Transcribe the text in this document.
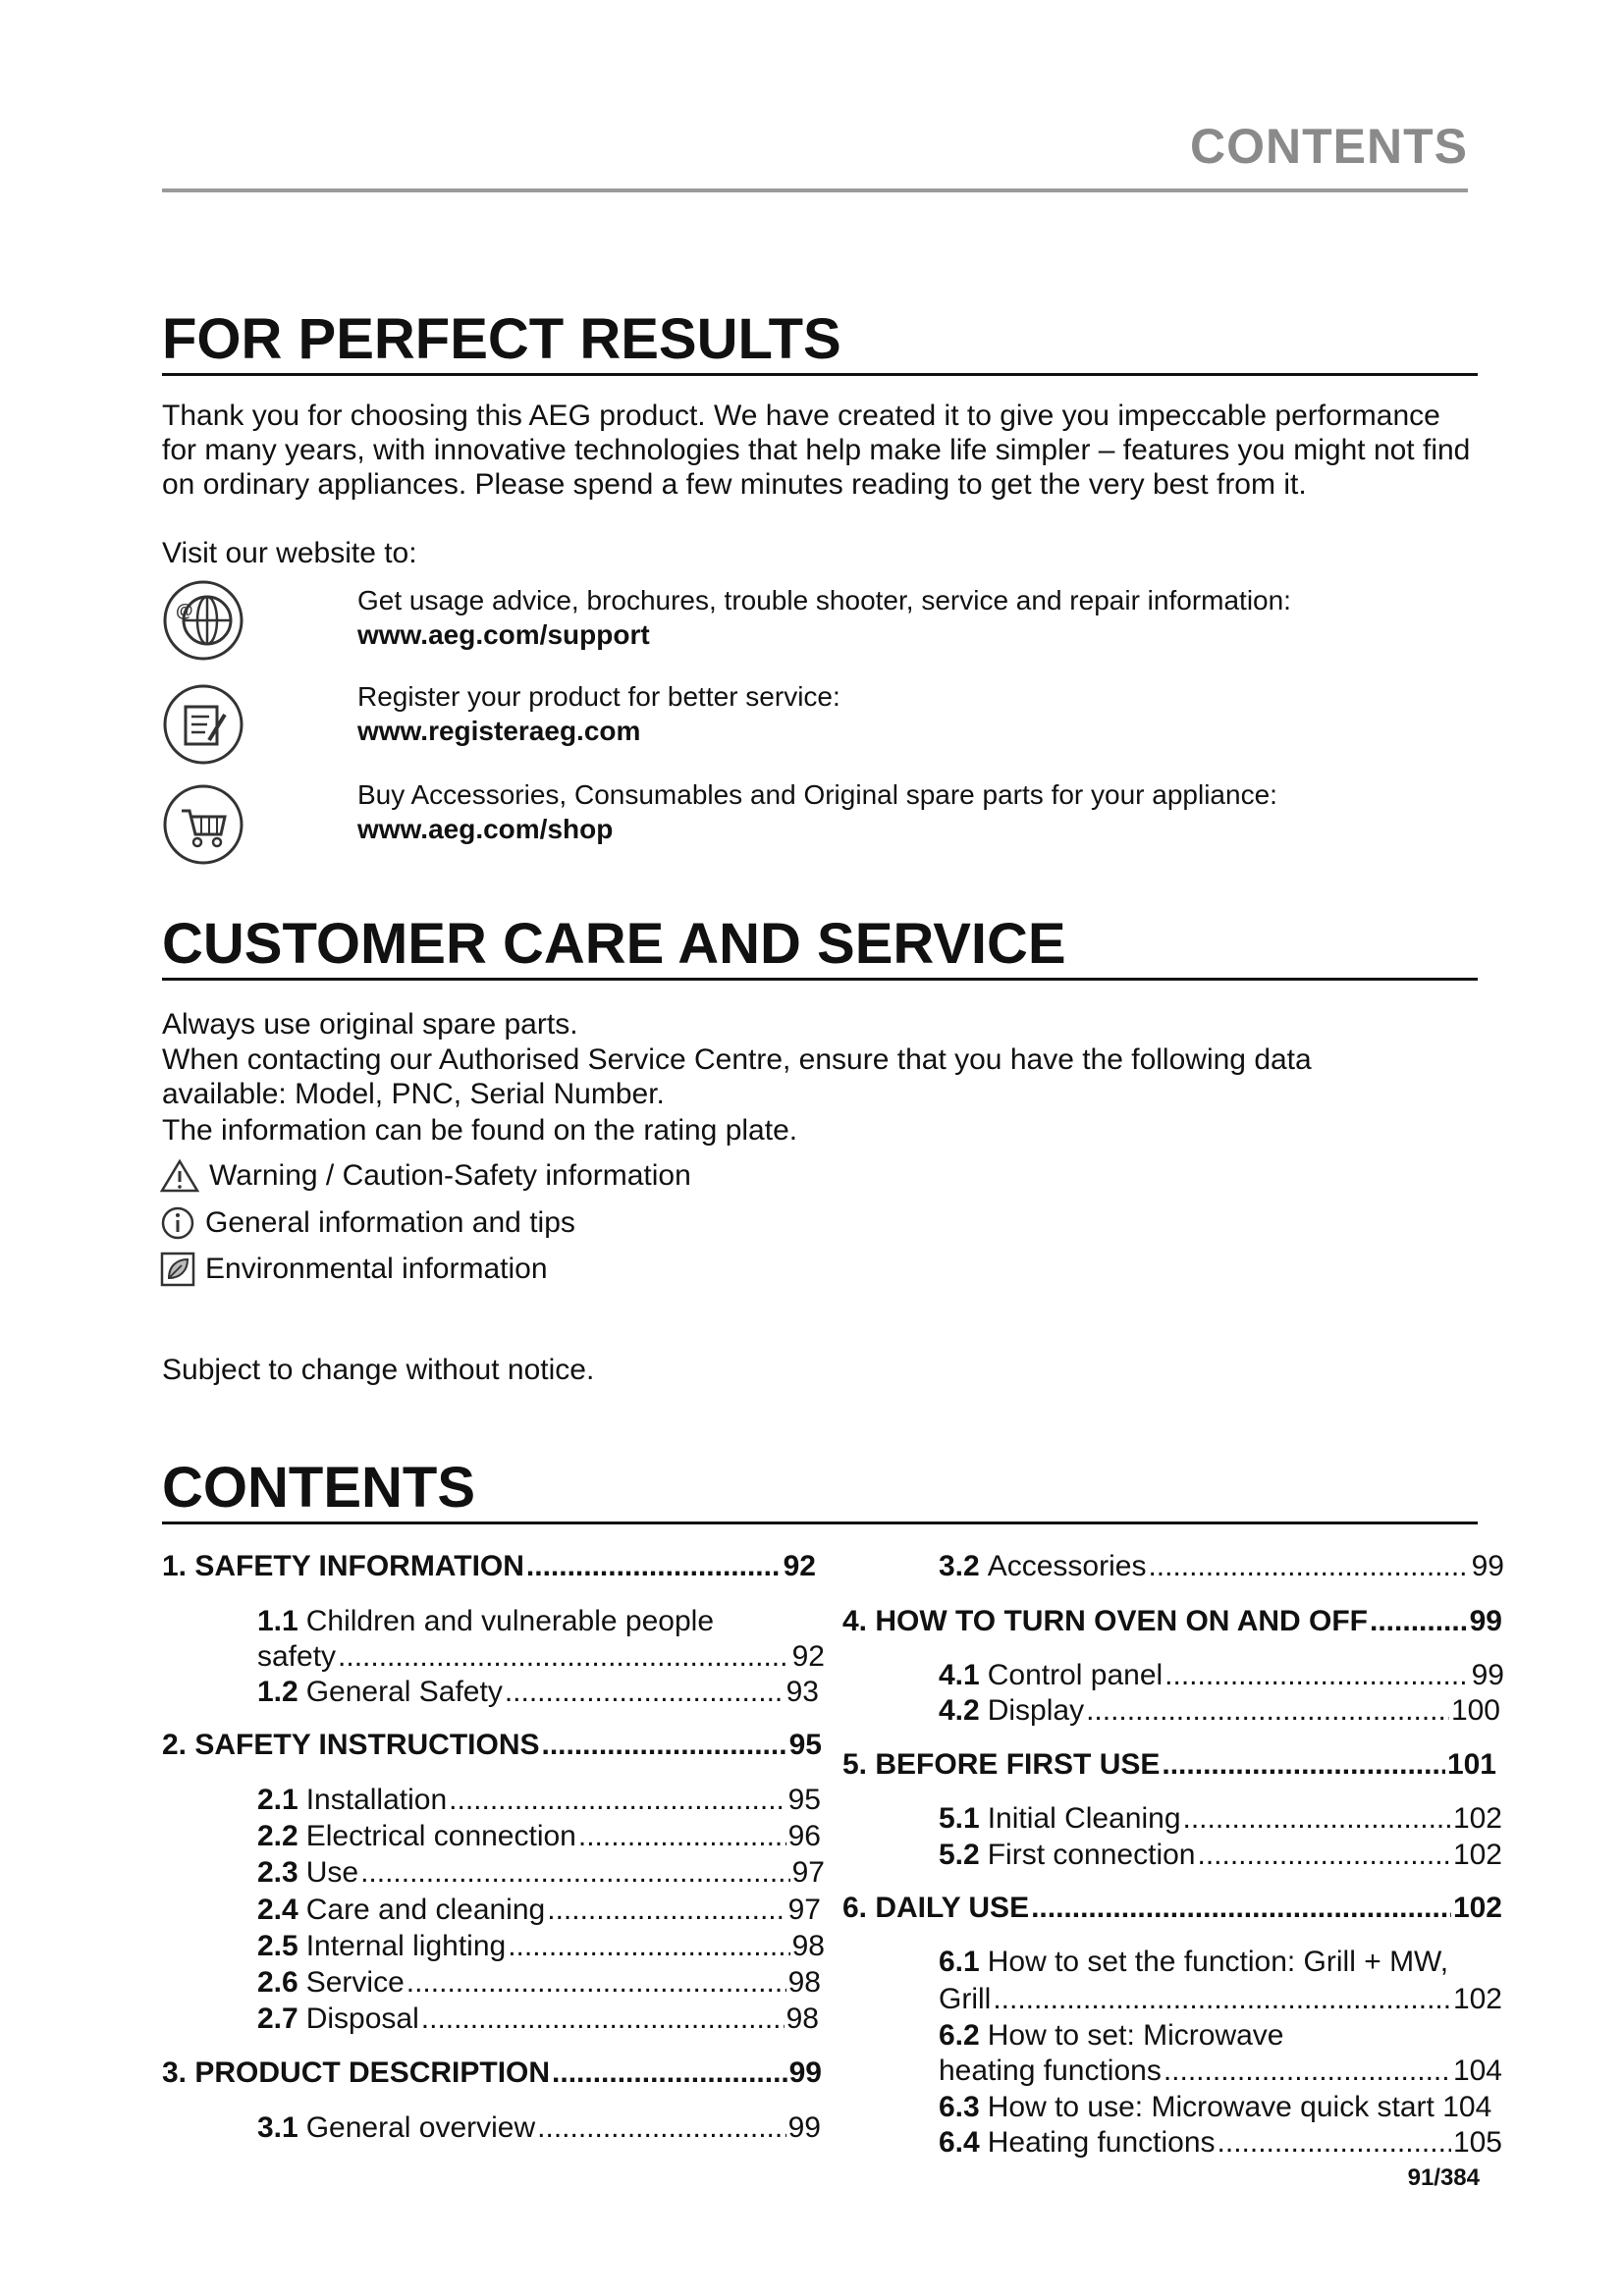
CONTENTS
FOR PERFECT RESULTS
Thank you for choosing this AEG product. We have created it to give you impeccable performance for many years, with innovative technologies that help make life simpler – features you might not find on ordinary appliances. Please spend a few minutes reading to get the very best from it.
Visit our website to:
@	Get usage advice, brochures, trouble shooter, service and repair information:
www.aeg.com/support
Register your product for better service:
www.registeraeg.com
Buy Accessories, Consumables and Original spare parts for your appliance:
www.aeg.com/shop
CUSTOMER CARE AND SERVICE
Always use original spare parts.
When contacting our Authorised Service Centre, ensure that you have the following data available: Model, PNC, Serial Number.
The information can be found on the rating plate.
Warning / Caution-Safety information
General information and tips
Environmental information
Subject to change without notice.
CONTENTS
1. SAFETY INFORMATION .....	92
1.1 Children and vulnerable people
safety .....	92
1.2 General Safety .....	93
2. SAFETY INSTRUCTIONS .....	95
2.1 Installation .....	95
2.2 Electrical connection .....	96
2.3 Use .....	97
2.4 Care and cleaning .....	97
2.5 Internal lighting .....	98
2.6 Service .....	98
2.7 Disposal .....	98
3. PRODUCT DESCRIPTION .....	99
3.1 General overview .....	99
3.2 Accessories .....	99
4. HOW TO TURN OVEN ON AND OFF .....	99
4.1 Control panel .....	99
4.2 Display .....	100
5. BEFORE FIRST USE .....	101
5.1 Initial Cleaning .....	102
5.2 First connection .....	102
6. DAILY USE .....	102
6.1 How to set the function: Grill + MW,
Grill .....	102
6.2 How to set: Microwave
heating functions .....	104
6.3 How to use: Microwave quick start 104
6.4 Heating functions .....	105
91/384
